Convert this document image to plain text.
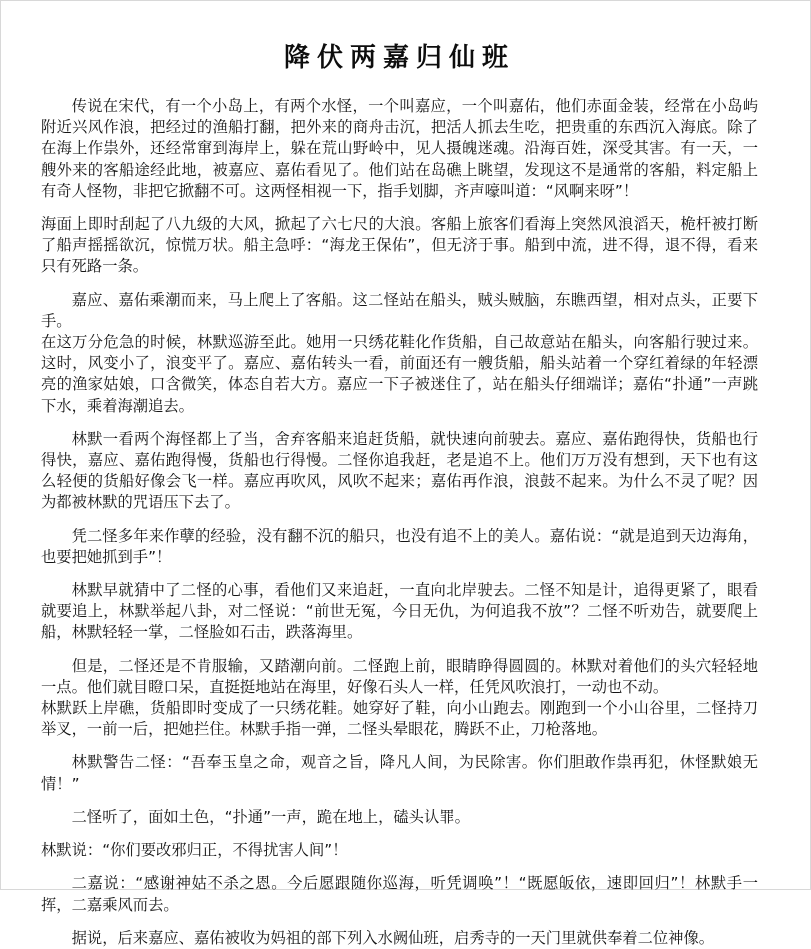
降伏两嘉归仙班

传说在宋代，有一个小岛上，有两个水怪，一个叫嘉应，一个叫嘉佑，他们赤面金装，经常在小岛屿附近兴风作浪，把经过的渔船打翻，把外来的商舟击沉，把活人抓去生吃，把贵重的东西沉入海底。除了在海上作祟外，还经常窜到海岸上，躲在荒山野岭中，见人摄魄迷魂。沿海百姓，深受其害。有一天，一艘外来的客船途经此地，被嘉应、嘉佑看见了。他们站在岛礁上眺望，发现这不是通常的客船，料定船上有奇人怪物，非把它掀翻不可。这两怪相视一下，指手划脚，齐声嚎叫道：“风啊来呀”！

海面上即时刮起了八九级的大风，掀起了六七尺的大浪。客船上旅客们看海上突然风浪滔天，桅杆被打断了船声摇摇欲沉，惊慌万状。船主急呼：“海龙王保佑”，但无济于事。船到中流，进不得，退不得，看来只有死路一条。

嘉应、嘉佑乘潮而来，马上爬上了客船。这二怪站在船头，贼头贼脑，东瞧西望，相对点头，正要下手。

在这万分危急的时候，林默巡游至此。她用一只绣花鞋化作货船，自己故意站在船头，向客船行驶过来。这时，风变小了，浪变平了。嘉应、嘉佑转头一看，前面还有一艘货船，船头站着一个穿红着绿的年轻漂亮的渔家姑娘，口含微笑，体态自若大方。嘉应一下子被迷住了，站在船头仔细端详；嘉佑“扑通”一声跳下水，乘着海潮追去。

林默一看两个海怪都上了当，舍弃客船来追赶货船，就快速向前驶去。嘉应、嘉佑跑得快，货船也行得快，嘉应、嘉佑跑得慢，货船也行得慢。二怪你追我赶，老是追不上。他们万万没有想到，天下也有这么轻便的货船好像会飞一样。嘉应再吹风，风吹不起来；嘉佑再作浪，浪鼓不起来。为什么不灵了呢？因为都被林默的咒语压下去了。

凭二怪多年来作孽的经验，没有翻不沉的船只，也没有追不上的美人。嘉佑说：“就是追到天边海角，也要把她抓到手”！

林默早就猜中了二怪的心事，看他们又来追赶，一直向北岸驶去。二怪不知是计，追得更紧了，眼看就要追上，林默举起八卦，对二怪说：“前世无冤，今日无仇，为何追我不放”？二怪不听劝告，就要爬上船，林默轻轻一掌，二怪脸如石击，跌落海里。

但是，二怪还是不肯服输，又踏潮向前。二怪跑上前，眼睛睁得圆圆的。林默对着他们的头穴轻轻地一点。他们就目瞪口呆，直挺挺地站在海里，好像石头人一样，任凭风吹浪打，一动也不动。

林默跃上岸礁，货船即时变成了一只绣花鞋。她穿好了鞋，向小山跑去。刚跑到一个小山谷里，二怪持刀举叉，一前一后，把她拦住。林默手指一弹，二怪头晕眼花，腾跃不止，刀枪落地。

林默警告二怪：“吾奉玉皇之命，观音之旨，降凡人间，为民除害。你们胆敢作祟再犯，休怪默娘无情！”

二怪听了，面如土色，“扑通”一声，跪在地上，磕头认罪。

林默说：“你们要改邪归正，不得扰害人间”！

二嘉说：“感谢神姑不杀之恩。今后愿跟随你巡海，听凭调唤”！“既愿皈依，速即回归”！林默手一挥，二嘉乘风而去。

据说，后来嘉应、嘉佑被收为妈祖的部下列入水阙仙班，启秀寺的一天门里就供奉着二位神像。
